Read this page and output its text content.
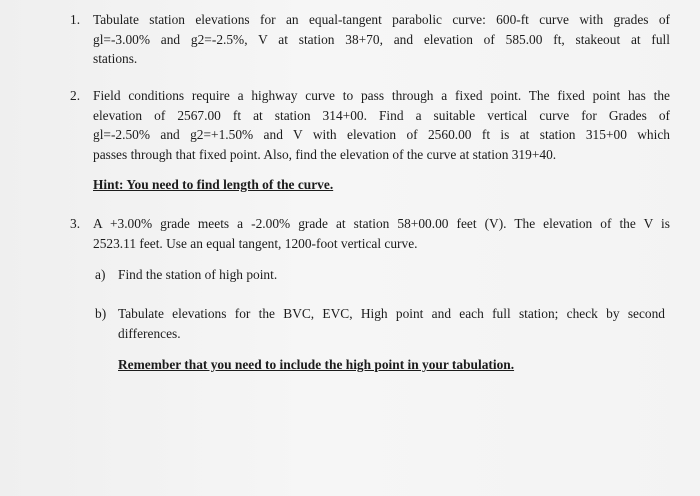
1. Tabulate station elevations for an equal-tangent parabolic curve: 600-ft curve with grades of
gl=-3.00% and g2=-2.5%, V at station 38+70, and elevation of 585.00 ft, stakeout at full
stations.
2. Field conditions require a highway curve to pass through a fixed point. The fixed point has the
elevation of 2567.00 ft at station 314+00. Find a suitable vertical curve for Grades of
gl=-2.50% and g2=+1.50% and V with elevation of 2560.00 ft is at station 315+00 which
passes through that fixed point. Also, find the elevation of the curve at station 319+40.
Hint: You need to find length of the curve.
3. A +3.00% grade meets a -2.00% grade at station 58+00.00 feet (V). The elevation of the V is
2523.11 feet. Use an equal tangent, 1200-foot vertical curve.
a) Find the station of high point.
b) Tabulate elevations for the BVC, EVC, High point and each full station; check by second
differences.
Remember that you need to include the high point in your tabulation.
